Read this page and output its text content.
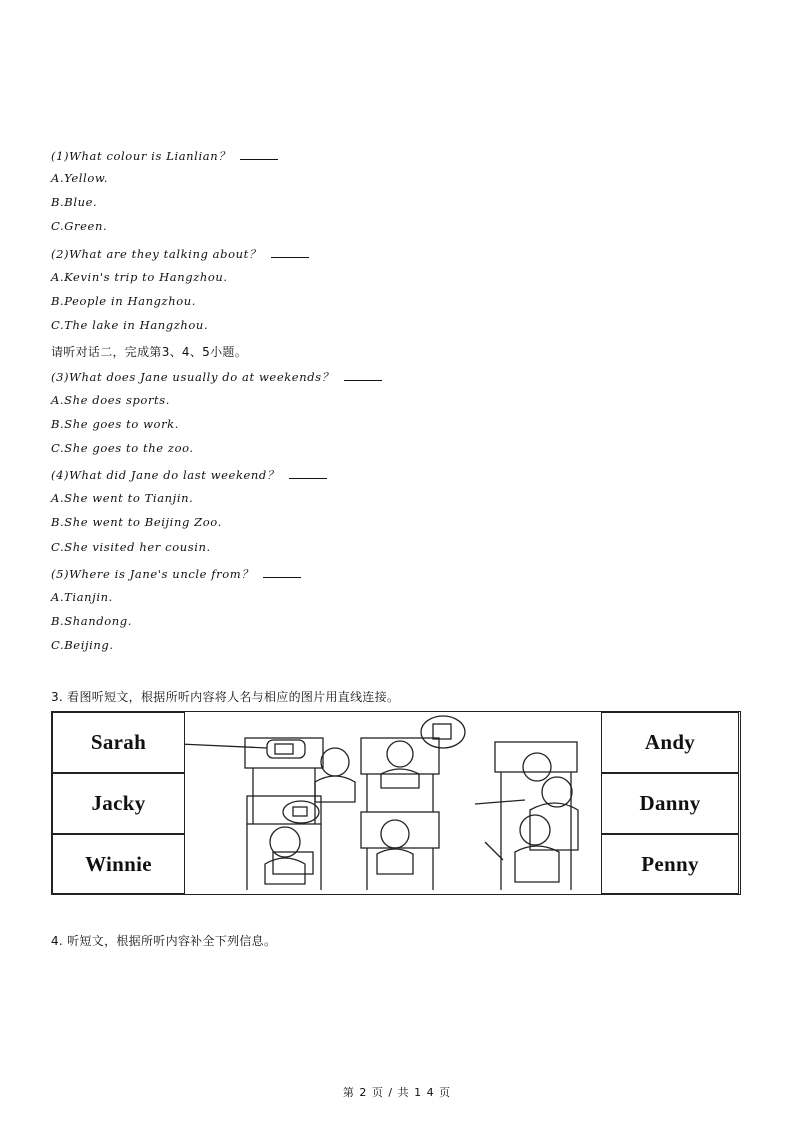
(1)What colour is Lianlian？
A.Yellow.
B.Blue.
C.Green.
(2)What are they talking about？
A.Kevin's trip to Hangzhou.
B.People in Hangzhou.
C.The lake in Hangzhou.
请听对话二，完成第3、4、5小题。
(3)What does Jane usually do at weekends？
A.She does sports.
B.She goes to work.
C.She goes to the zoo.
(4)What did Jane do last weekend？
A.She went to Tianjin.
B.She went to Beijing Zoo.
C.She visited her cousin.
(5)Where is Jane's uncle from？
A.Tianjin.
B.Shandong.
C.Beijing.
3. 看图听短文，根据所听内容将人名与相应的图片用直线连接。
Sarah
Jacky
Winnie
Andy
Danny
Penny
4. 听短文，根据所听内容补全下列信息。
第 2 页 / 共 1 4 页
